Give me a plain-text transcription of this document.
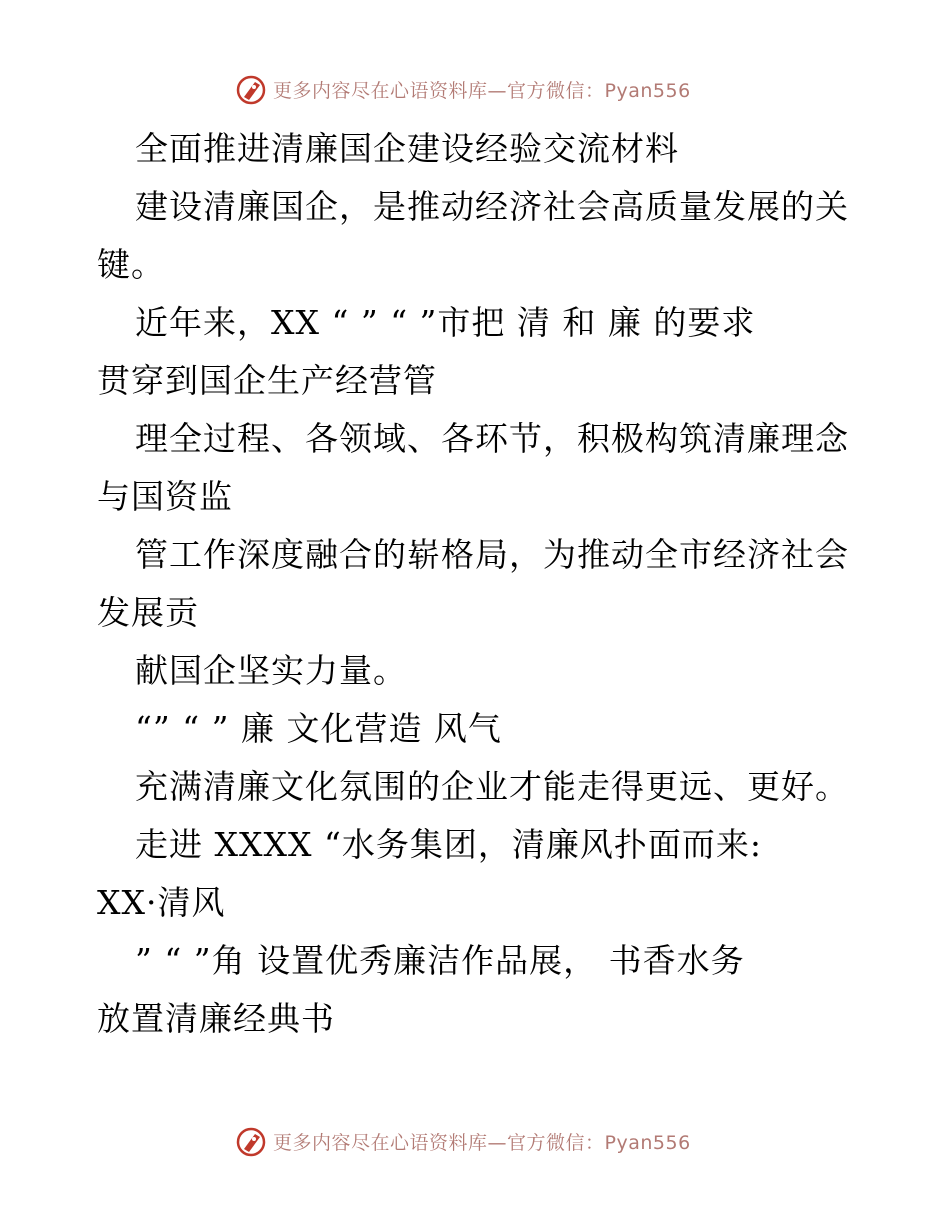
更多内容尽在心语资料库—官方微信：Pyan556
全面推进清廉国企建设经验交流材料
建设清廉国企，是推动经济社会高质量发展的关
键。
近年来，XX “ ” “ ”市把 清 和 廉 的要求
贯穿到国企生产经营管
理全过程、各领域、各环节，积极构筑清廉理念
与国资监
管工作深度融合的崭格局，为推动全市经济社会
发展贡
献国企坚实力量。
“” “ ” 廉 文化营造 风气
充满清廉文化氛围的企业才能走得更远、更好。
走进 XXXX “水务集团，清廉风扑面而来:
XX·清风
” “ ”角 设置优秀廉洁作品展， 书香水务
放置清廉经典书
更多内容尽在心语资料库—官方微信：Pyan556
